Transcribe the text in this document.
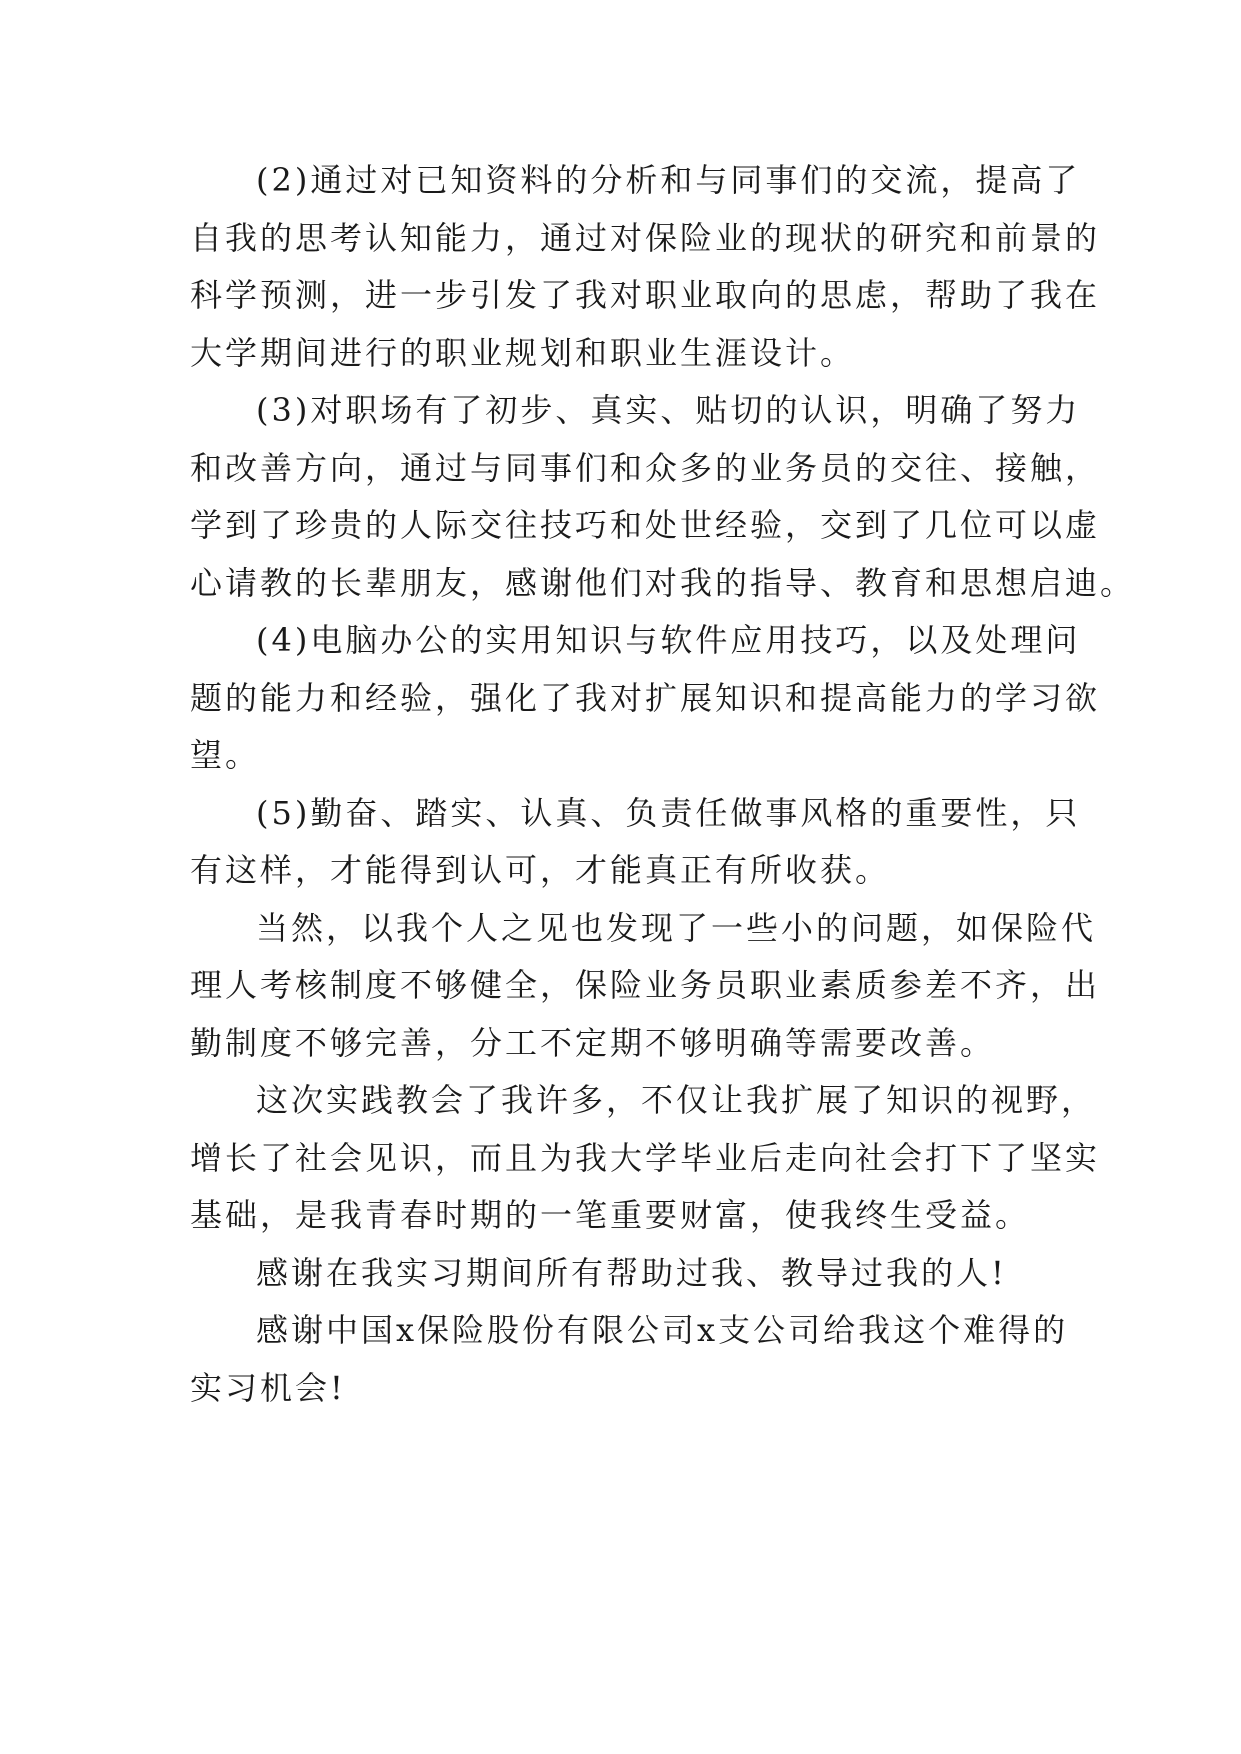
(2)通过对已知资料的分析和与同事们的交流，提高了
自我的思考认知能力，通过对保险业的现状的研究和前景的
科学预测，进一步引发了我对职业取向的思虑，帮助了我在
大学期间进行的职业规划和职业生涯设计。

(3)对职场有了初步、真实、贴切的认识，明确了努力
和改善方向，通过与同事们和众多的业务员的交往、接触，
学到了珍贵的人际交往技巧和处世经验，交到了几位可以虚
心请教的长辈朋友，感谢他们对我的指导、教育和思想启迪。

(4)电脑办公的实用知识与软件应用技巧，以及处理问
题的能力和经验，强化了我对扩展知识和提高能力的学习欲
望。

(5)勤奋、踏实、认真、负责任做事风格的重要性，只
有这样，才能得到认可，才能真正有所收获。

当然，以我个人之见也发现了一些小的问题，如保险代
理人考核制度不够健全，保险业务员职业素质参差不齐，出
勤制度不够完善，分工不定期不够明确等需要改善。

这次实践教会了我许多，不仅让我扩展了知识的视野，
增长了社会见识，而且为我大学毕业后走向社会打下了坚实
基础，是我青春时期的一笔重要财富，使我终生受益。

感谢在我实习期间所有帮助过我、教导过我的人!

感谢中国x保险股份有限公司x支公司给我这个难得的
实习机会!
